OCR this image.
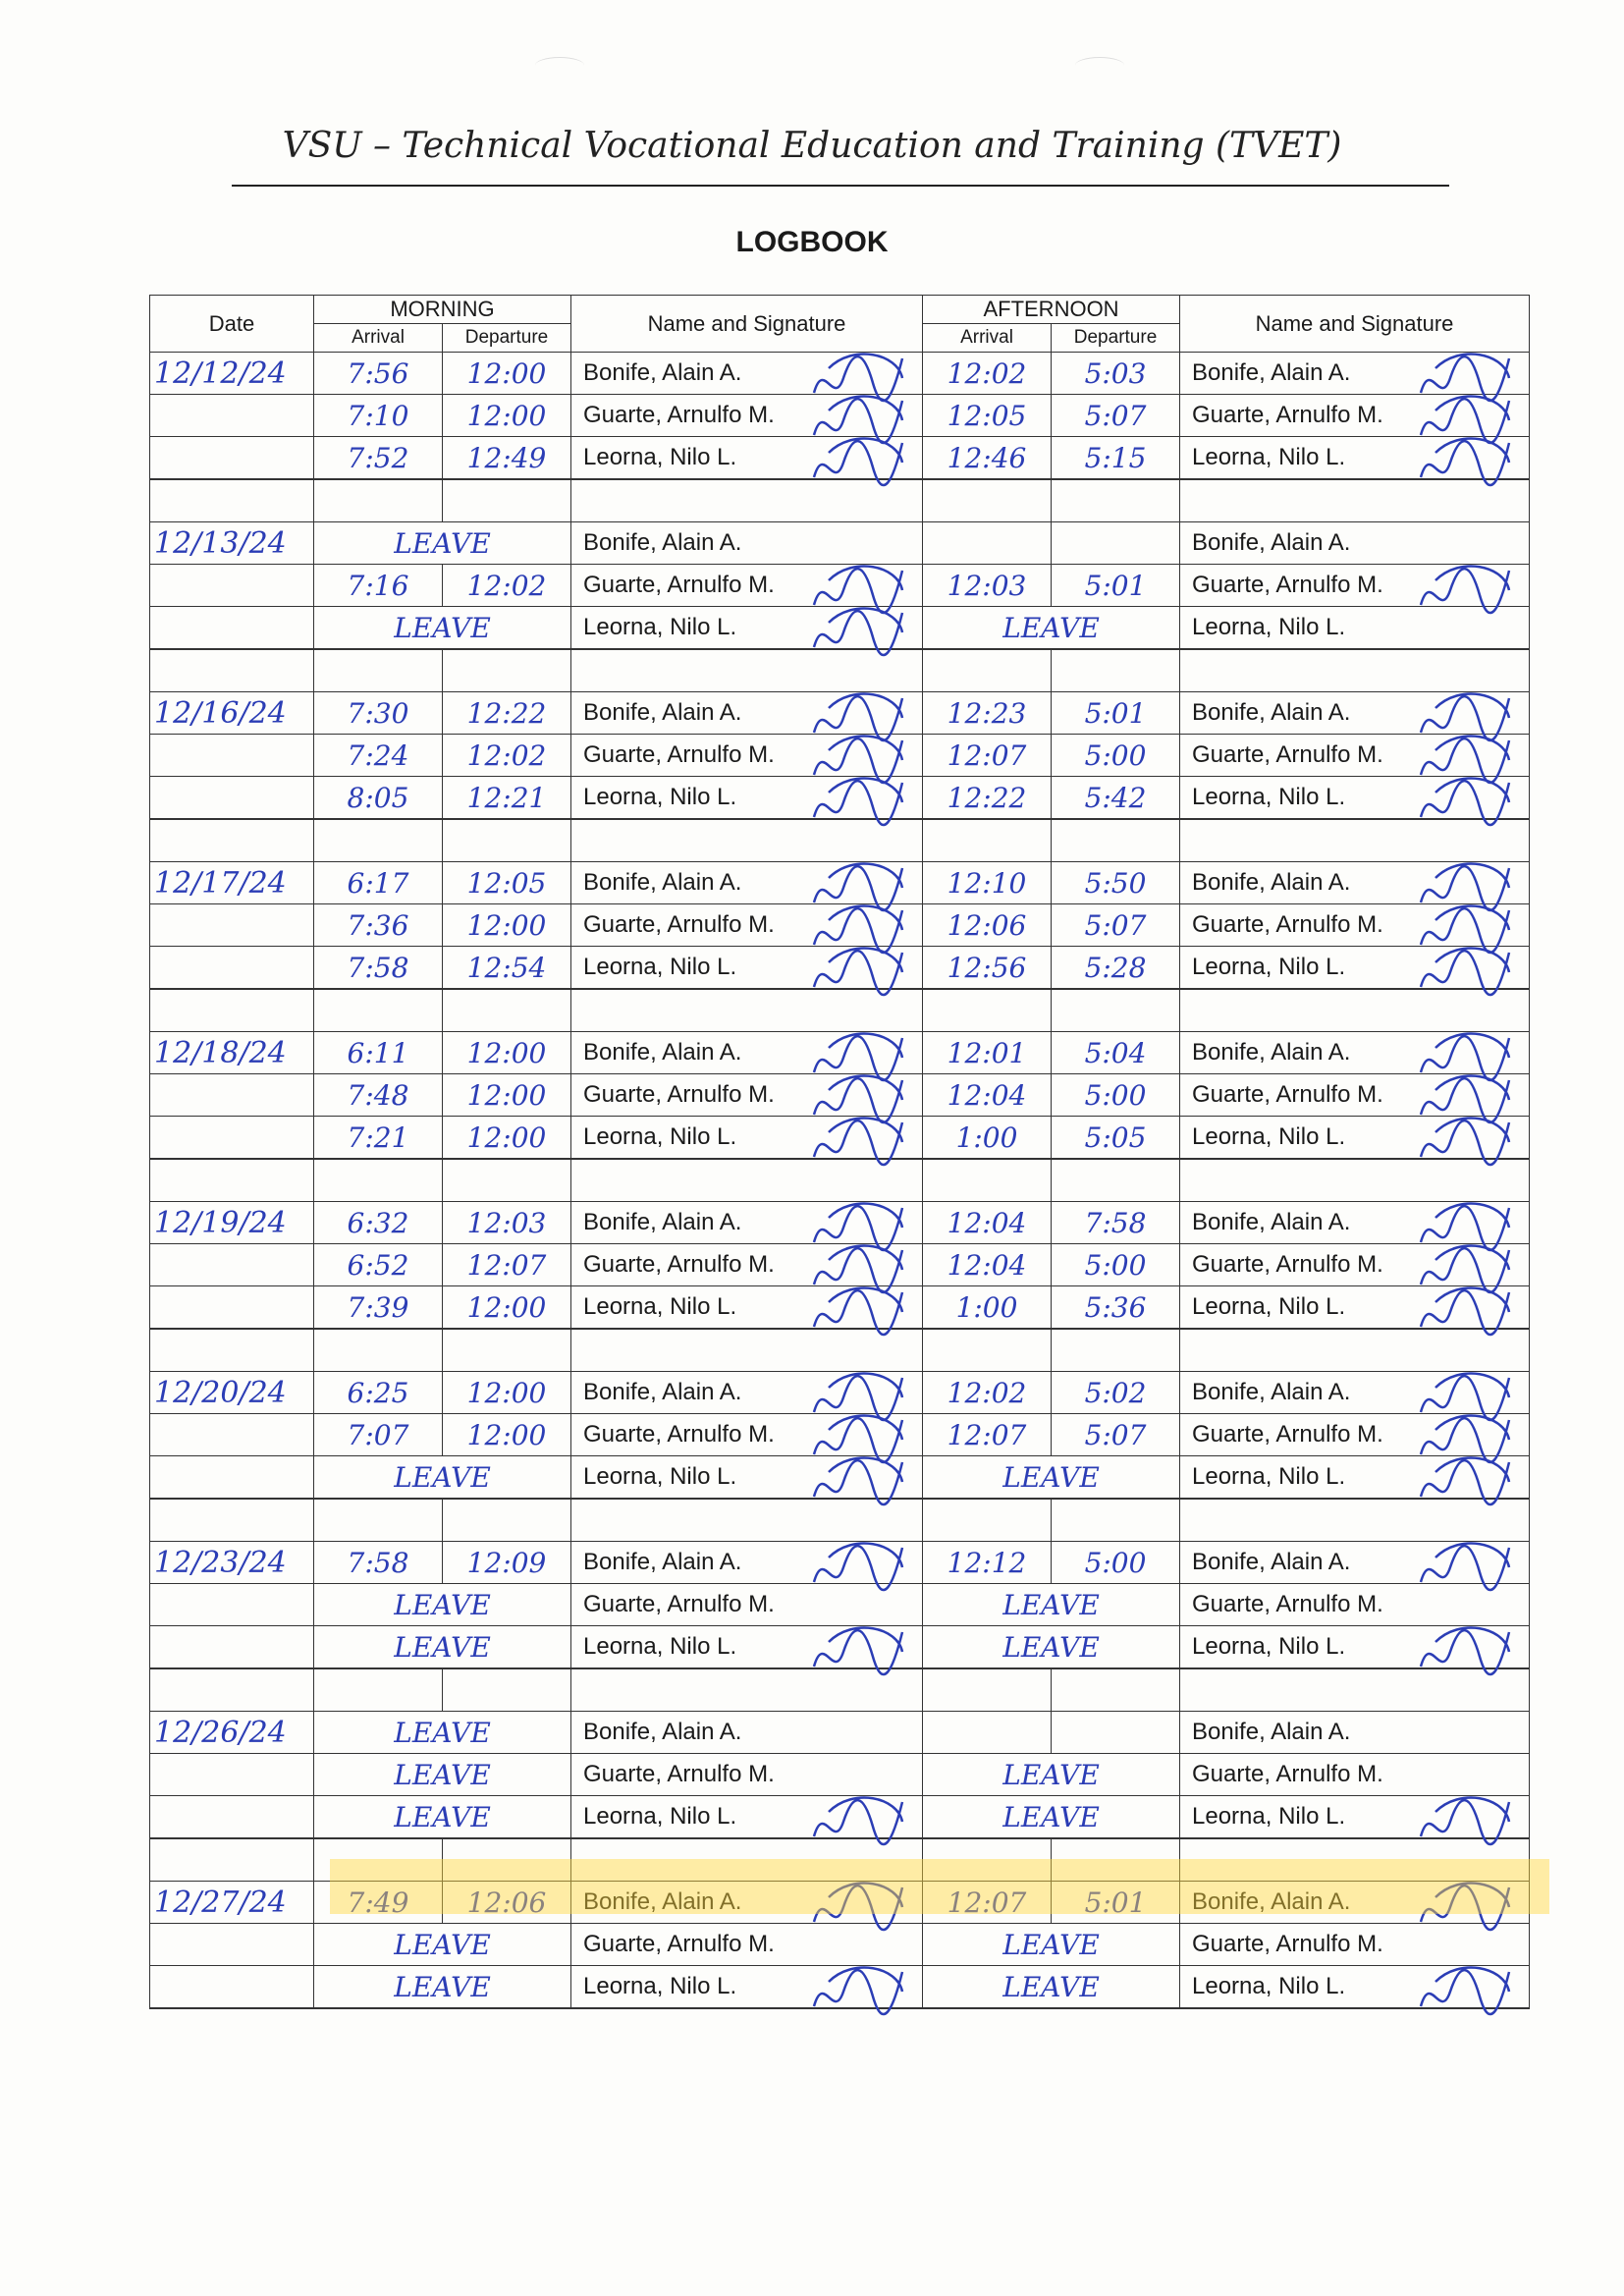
VSU – Technical Vocational Education and Training (TVET)
LOGBOOK
Date	MORNING		Name and Signature	AFTERNOON		Name and Signature
	Arrival	Departure		Arrival	Departure	
12/12/24	7:56	12:00	Bonife, Alain A.	12:02	5:03	Bonife, Alain A.

	7:10	12:00	Guarte, Arnulfo M.	12:05	5:07	Guarte, Arnulfo M.

	7:52	12:49	Leorna, Nilo L.	12:46	5:15	Leorna, Nilo L.

12/13/24	LEAVE		Bonife, Alain A.			Bonife, Alain A.
	7:16	12:02	Guarte, Arnulfo M.	12:03	5:01	Guarte, Arnulfo M.

	LEAVE		Leorna, Nilo L.	LEAVE		Leorna, Nilo L.

12/16/24	7:30	12:22	Bonife, Alain A.	12:23	5:01	Bonife, Alain A.

	7:24	12:02	Guarte, Arnulfo M.	12:07	5:00	Guarte, Arnulfo M.

	8:05	12:21	Leorna, Nilo L.	12:22	5:42	Leorna, Nilo L.

12/17/24	6:17	12:05	Bonife, Alain A.	12:10	5:50	Bonife, Alain A.

	7:36	12:00	Guarte, Arnulfo M.	12:06	5:07	Guarte, Arnulfo M.

	7:58	12:54	Leorna, Nilo L.	12:56	5:28	Leorna, Nilo L.

12/18/24	6:11	12:00	Bonife, Alain A.	12:01	5:04	Bonife, Alain A.

	7:48	12:00	Guarte, Arnulfo M.	12:04	5:00	Guarte, Arnulfo M.

	7:21	12:00	Leorna, Nilo L.	1:00	5:05	Leorna, Nilo L.

12/19/24	6:32	12:03	Bonife, Alain A.	12:04	7:58	Bonife, Alain A.

	6:52	12:07	Guarte, Arnulfo M.	12:04	5:00	Guarte, Arnulfo M.

	7:39	12:00	Leorna, Nilo L.	1:00	5:36	Leorna, Nilo L.

12/20/24	6:25	12:00	Bonife, Alain A.	12:02	5:02	Bonife, Alain A.

	7:07	12:00	Guarte, Arnulfo M.	12:07	5:07	Guarte, Arnulfo M.

	LEAVE		Leorna, Nilo L.	LEAVE		Leorna, Nilo L.

12/23/24	7:58	12:09	Bonife, Alain A.	12:12	5:00	Bonife, Alain A.

	LEAVE		Guarte, Arnulfo M.	LEAVE		Guarte, Arnulfo M.
	LEAVE		Leorna, Nilo L.	LEAVE		Leorna, Nilo L.

12/26/24	LEAVE		Bonife, Alain A.			Bonife, Alain A.
	LEAVE		Guarte, Arnulfo M.	LEAVE		Guarte, Arnulfo M.
	LEAVE		Leorna, Nilo L.	LEAVE		Leorna, Nilo L.

12/27/24	7:49	12:06	Bonife, Alain A.	12:07	5:01	Bonife, Alain A.

	LEAVE		Guarte, Arnulfo M.	LEAVE		Guarte, Arnulfo M.
	LEAVE		Leorna, Nilo L.	LEAVE		Leorna, Nilo L.
